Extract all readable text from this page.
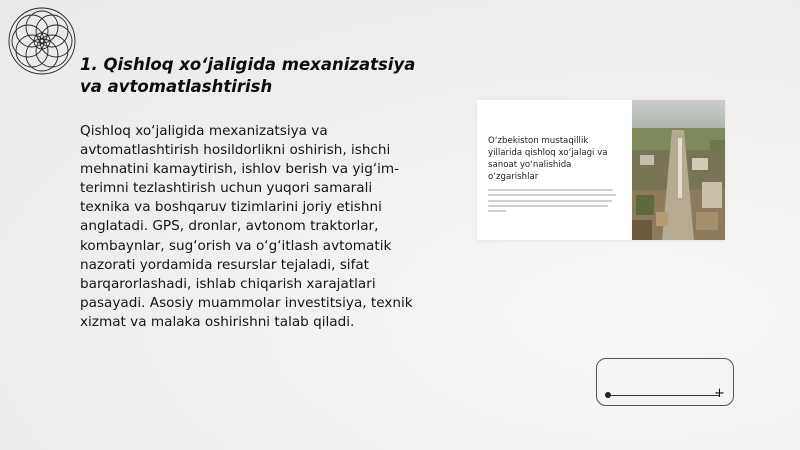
1. Qishloq xo‘jaligida mexanizatsiya va avtomatlashtirish
Qishloq xo‘jaligida mexanizatsiya va avtomatlashtirish hosildorlikni oshirish, ishchi mehnatini kamaytirish, ishlov berish va yig‘im-terimni tezlashtirish uchun yuqori samarali texnika va boshqaruv tizimlarini joriy etishni anglatadi. GPS, dronlar, avtonom traktorlar, kombaynlar, sug‘orish va o‘g‘itlash avtomatik nazorati yordamida resurslar tejaladi, sifat barqarorlashadi, ishlab chiqarish xarajatlari pasayadi. Asosiy muammolar investitsiya, texnik xizmat va malaka oshirishni talab qiladi.
O‘zbekiston mustaqillik yillarida qishloq xo‘jalagi va sanoat yo‘nalishida o‘zgarishlar
+
